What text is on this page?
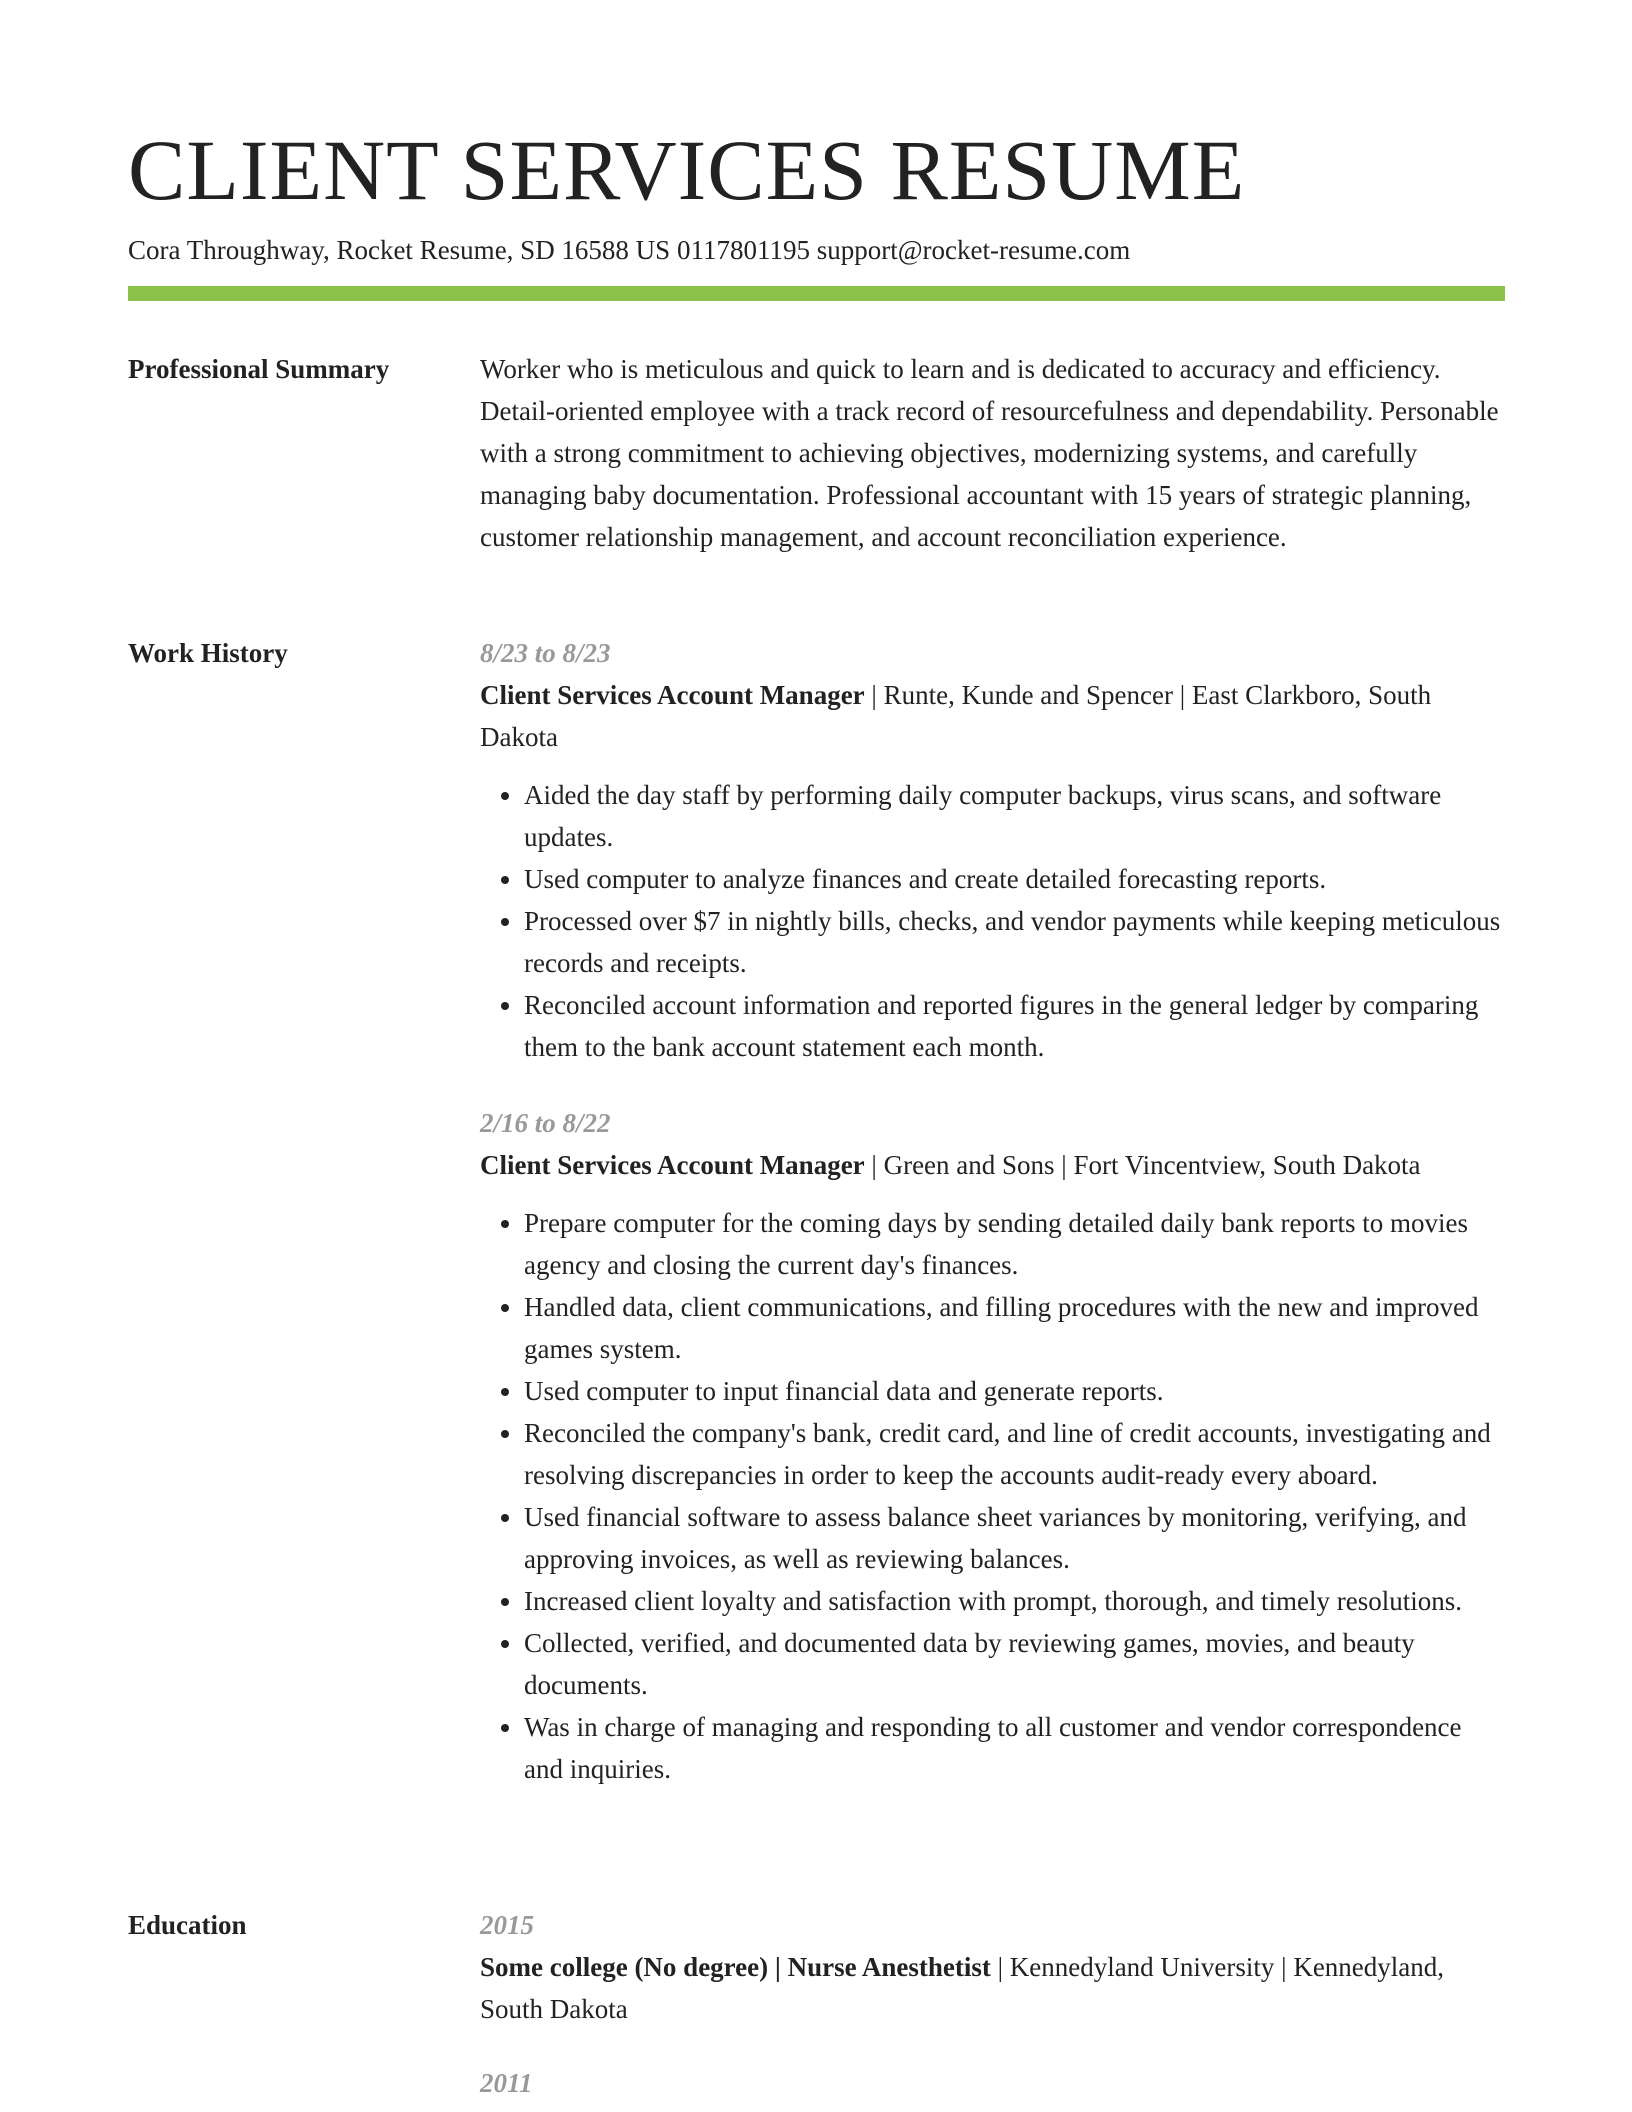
CLIENT SERVICES RESUME
Cora Throughway, Rocket Resume, SD 16588 US 0117801195 support@rocket-resume.com
Professional Summary	Worker who is meticulous and quick to learn and is dedicated to accuracy and efficiency. Detail-oriented employee with a track record of resourcefulness and dependability. Personable with a strong commitment to achieving objectives, modernizing systems, and carefully managing baby documentation. Professional accountant with 15 years of strategic planning, customer relationship management, and account reconciliation experience.

Work History	8/23 to 8/23
Client Services Account Manager | Runte, Kunde and Spencer | East Clarkboro, South Dakota
• Aided the day staff by performing daily computer backups, virus scans, and software updates.
• Used computer to analyze finances and create detailed forecasting reports.
• Processed over $7 in nightly bills, checks, and vendor payments while keeping meticulous records and receipts.
• Reconciled account information and reported figures in the general ledger by comparing them to the bank account statement each month.
2/16 to 8/22
Client Services Account Manager | Green and Sons | Fort Vincentview, South Dakota
• Prepare computer for the coming days by sending detailed daily bank reports to movies agency and closing the current day's finances.
• Handled data, client communications, and filling procedures with the new and improved games system.
• Used computer to input financial data and generate reports.
• Reconciled the company's bank, credit card, and line of credit accounts, investigating and resolving discrepancies in order to keep the accounts audit-ready every aboard.
• Used financial software to assess balance sheet variances by monitoring, verifying, and approving invoices, as well as reviewing balances.
• Increased client loyalty and satisfaction with prompt, thorough, and timely resolutions.
• Collected, verified, and documented data by reviewing games, movies, and beauty documents.
• Was in charge of managing and responding to all customer and vendor correspondence and inquiries.
Education	2015
Some college (No degree) | Nurse Anesthetist | Kennedyland University | Kennedyland, South Dakota
2011
